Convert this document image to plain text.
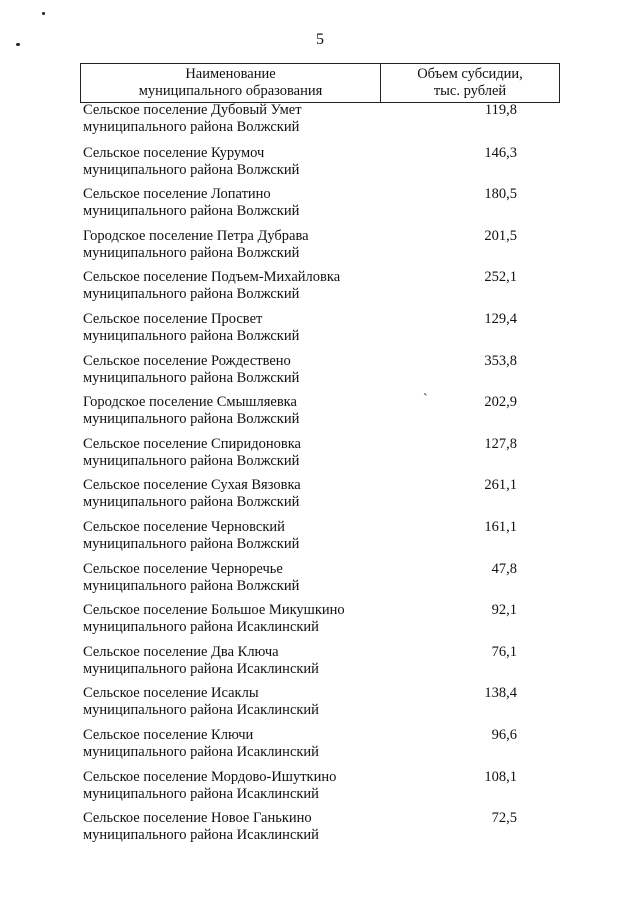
5
Наименование
муниципального образования
Объем субсидии,
тыс. рублей
Сельское поселение Дубовый Умет
муниципального района Волжский
119,8
Сельское поселение Курумоч
муниципального района Волжский
146,3
Сельское поселение Лопатино
муниципального района Волжский
180,5
Городское поселение Петра Дубрава
муниципального района Волжский
201,5
Сельское поселение Подъем-Михайловка
муниципального района Волжский
252,1
Сельское поселение Просвет
муниципального района Волжский
129,4
Сельское поселение Рождествено
муниципального района Волжский
353,8
Городское поселение Смышляевка
муниципального района Волжский
202,9
`
Сельское поселение Спиридоновка
муниципального района Волжский
127,8
Сельское поселение Сухая Вязовка
муниципального района Волжский
261,1
Сельское поселение Черновский
муниципального района Волжский
161,1
Сельское поселение Черноречье
муниципального района Волжский
47,8
Сельское поселение Большое Микушкино
муниципального района Исаклинский
92,1
Сельское поселение Два Ключа
муниципального района Исаклинский
76,1
Сельское поселение Исаклы
муниципального района Исаклинский
138,4
Сельское поселение Ключи
муниципального района Исаклинский
96,6
Сельское поселение Мордово-Ишуткино
муниципального района Исаклинский
108,1
Сельское поселение Новое Ганькино
муниципального района Исаклинский
72,5
